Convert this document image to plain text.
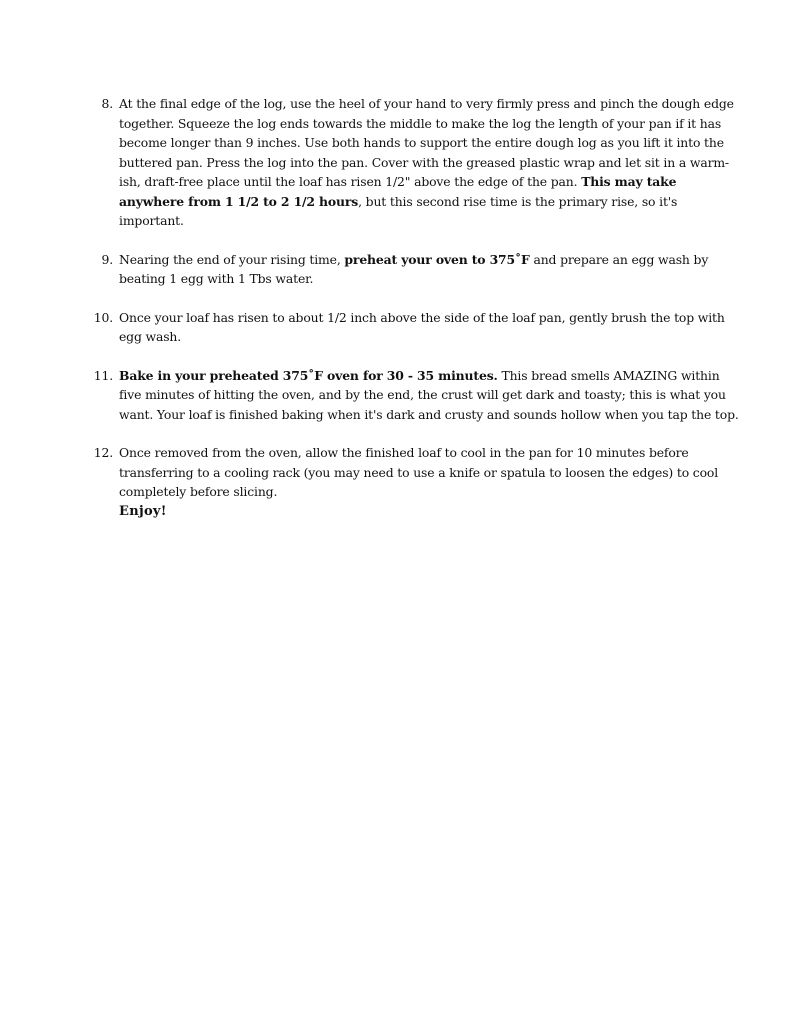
8. At the final edge of the log, use the heel of your hand to very firmly press and pinch the dough edge together. Squeeze the log ends towards the middle to make the log the length of your pan if it has become longer than 9 inches. Use both hands to support the entire dough log as you lift it into the buttered pan. Press the log into the pan. Cover with the greased plastic wrap and let sit in a warm-ish, draft-free place until the loaf has risen 1/2" above the edge of the pan. This may take anywhere from 1 1/2 to 2 1/2 hours, but this second rise time is the primary rise, so it's important.
9. Nearing the end of your rising time, preheat your oven to 375˚F and prepare an egg wash by beating 1 egg with 1 Tbs water.
10. Once your loaf has risen to about 1/2 inch above the side of the loaf pan, gently brush the top with egg wash.
11. Bake in your preheated 375˚F oven for 30 - 35 minutes. This bread smells AMAZING within five minutes of hitting the oven, and by the end, the crust will get dark and toasty; this is what you want. Your loaf is finished baking when it's dark and crusty and sounds hollow when you tap the top.
12. Once removed from the oven, allow the finished loaf to cool in the pan for 10 minutes before transferring to a cooling rack (you may need to use a knife or spatula to loosen the edges) to cool completely before slicing.
Enjoy!
